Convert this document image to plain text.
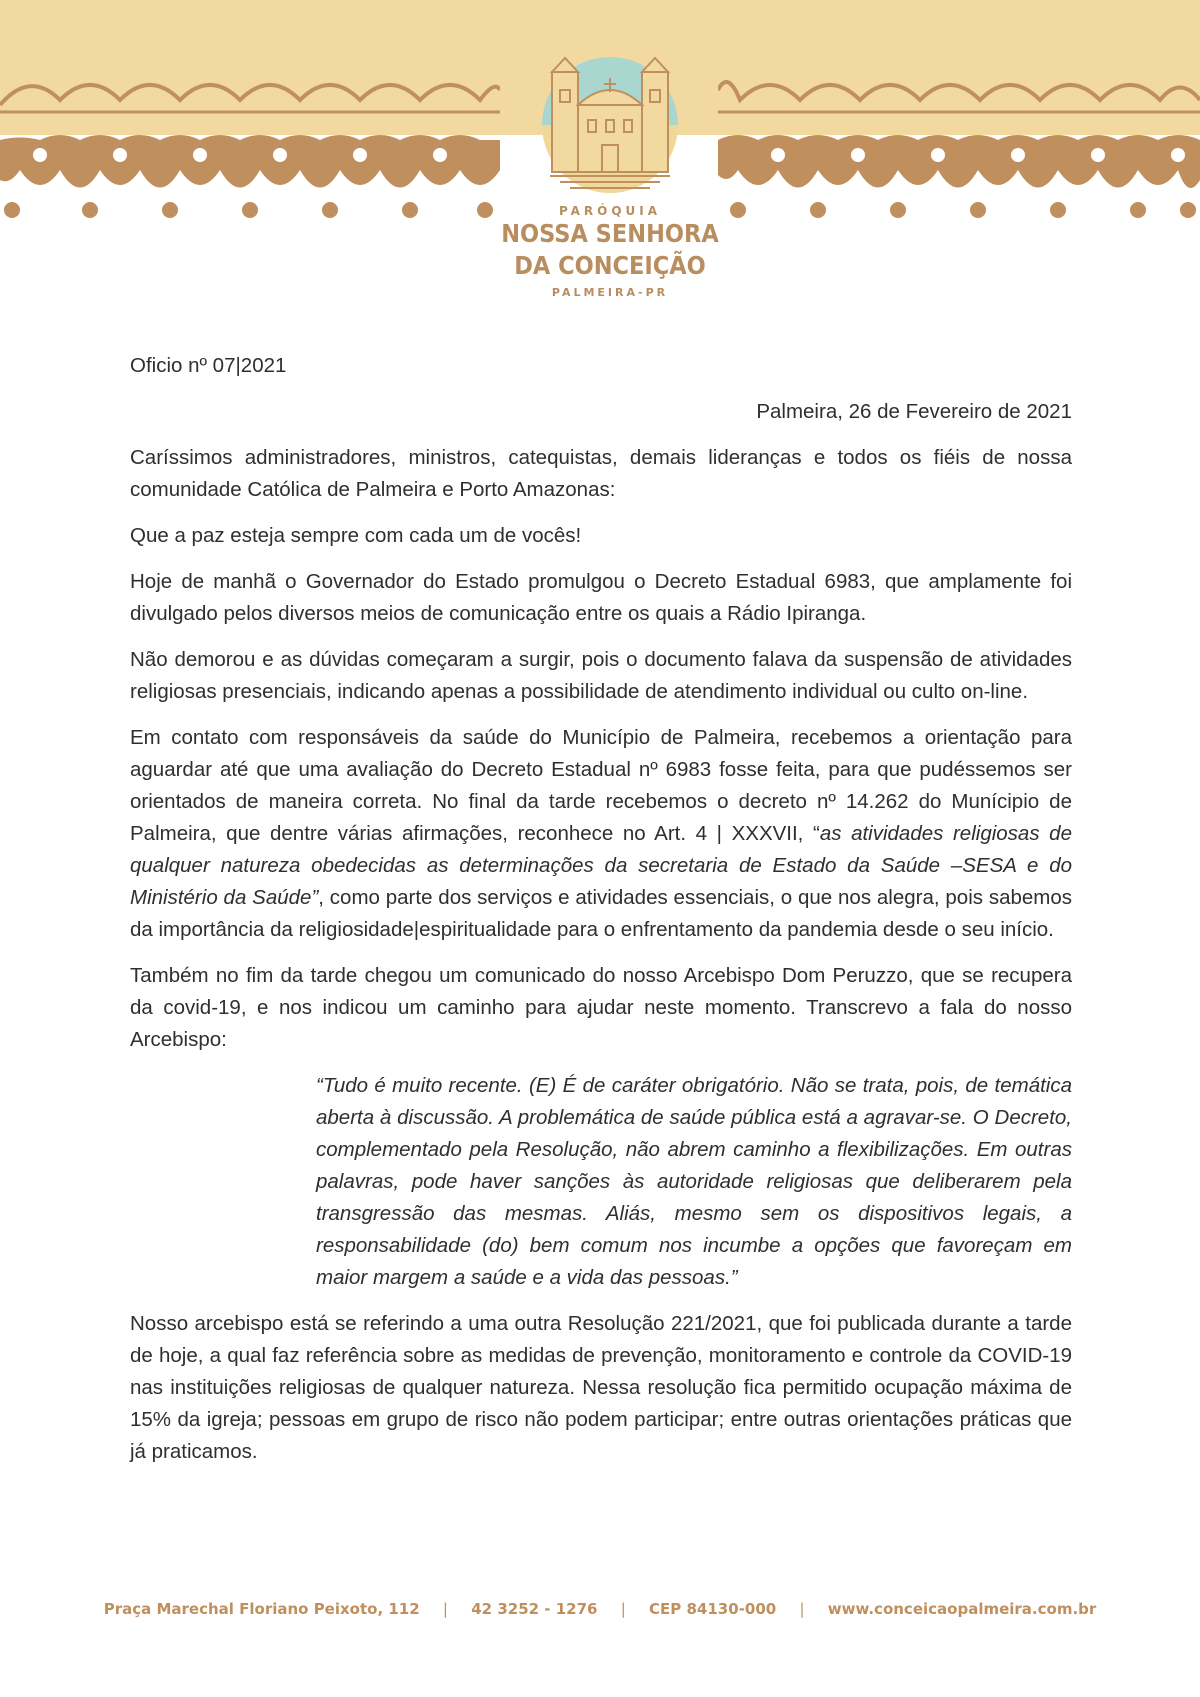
PARÓQUIA
NOSSA SENHORA
DA CONCEIÇÃO
PALMEIRA-PR

Oficio nº 07|2021

Palmeira, 26 de Fevereiro de 2021

Caríssimos administradores, ministros, catequistas, demais lideranças e todos os fiéis de nossa comunidade Católica de Palmeira e Porto Amazonas:

Que a paz esteja sempre com cada um de vocês!

Hoje de manhã o Governador do Estado promulgou o Decreto Estadual 6983, que amplamente foi divulgado pelos diversos meios de comunicação entre os quais a Rádio Ipiranga.

Não demorou e as dúvidas começaram a surgir, pois o documento falava da suspensão de atividades religiosas presenciais, indicando apenas a possibilidade de atendimento individual ou culto on-line.

Em contato com responsáveis da saúde do Município de Palmeira, recebemos a orientação para aguardar até que uma avaliação do Decreto Estadual nº 6983 fosse feita, para que pudéssemos ser orientados de maneira correta. No final da tarde recebemos o decreto nº 14.262 do Munícipio de Palmeira, que dentre várias afirmações, reconhece no Art. 4 | XXXVII, “as atividades religiosas de qualquer natureza obedecidas as determinações da secretaria de Estado da Saúde –SESA e do Ministério da Saúde”, como parte dos serviços e atividades essenciais, o que nos alegra, pois sabemos da importância da religiosidade|espiritualidade para o enfrentamento da pandemia desde o seu início.

Também no fim da tarde chegou um comunicado do nosso Arcebispo Dom Peruzzo, que se recupera da covid-19, e nos indicou um caminho para ajudar neste momento. Transcrevo a fala do nosso Arcebispo:

“Tudo é muito recente. (E) É de caráter obrigatório. Não se trata, pois, de temática aberta à discussão. A problemática de saúde pública está a agravar-se. O Decreto, complementado pela Resolução, não abrem caminho a flexibilizações. Em outras palavras, pode haver sanções às autoridade religiosas que deliberarem pela transgressão das mesmas. Aliás, mesmo sem os dispositivos legais, a responsabilidade (do) bem comum nos incumbe a opções que favoreçam em maior margem a saúde e a vida das pessoas.”

Nosso arcebispo está se referindo a uma outra Resolução 221/2021, que foi publicada durante a tarde de hoje, a qual faz referência sobre as medidas de prevenção, monitoramento e controle da COVID-19 nas instituições religiosas de qualquer natureza. Nessa resolução fica permitido ocupação máxima de 15% da igreja; pessoas em grupo de risco não podem participar; entre outras orientações práticas que já praticamos.

Praça Marechal Floriano Peixoto, 112 | 42 3252 - 1276 | CEP 84130-000 | www.conceicaopalmeira.com.br
